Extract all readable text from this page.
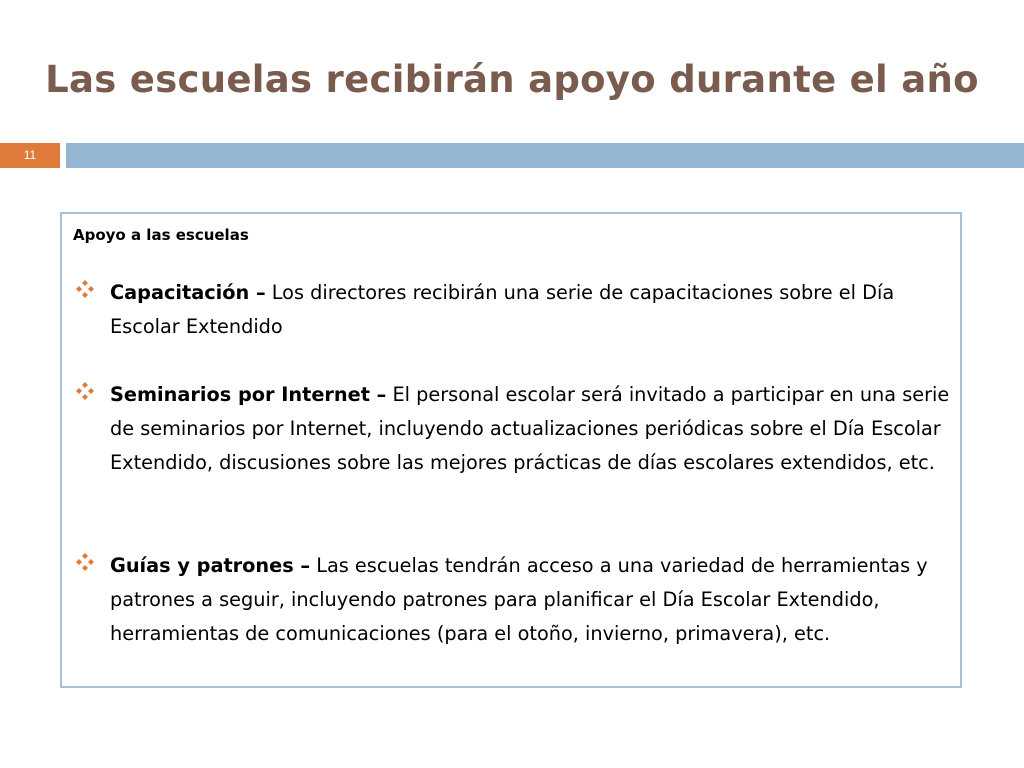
Las escuelas recibirán apoyo durante el año
11
Apoyo a las escuelas
Capacitación – Los directores recibirán una serie de capacitaciones sobre el Día Escolar Extendido
Seminarios por Internet – El personal escolar será invitado a participar en una serie de seminarios por Internet, incluyendo actualizaciones periódicas sobre el Día Escolar Extendido, discusiones sobre las mejores prácticas de días escolares extendidos, etc.
Guías y patrones – Las escuelas tendrán acceso a una variedad de herramientas y patrones a seguir, incluyendo patrones para planificar el Día Escolar Extendido, herramientas de comunicaciones (para el otoño, invierno, primavera), etc.
